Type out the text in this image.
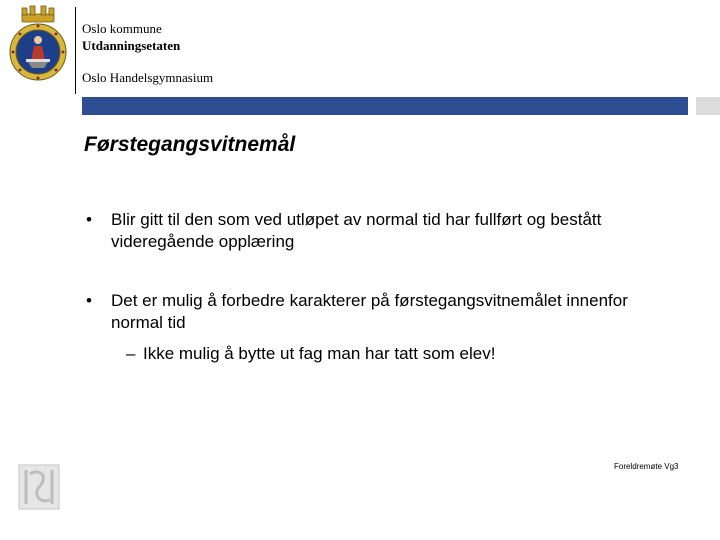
Oslo kommune
Utdanningsetaten
Oslo Handelsgymnasium
Førstegangsvitnemål
• Blir gitt til den som ved utløpet av normal tid har fullført og bestått videregående opplæring
• Det er mulig å forbedre karakterer på førstegangsvitnemålet innenfor normal tid
– Ikke mulig å bytte ut fag man har tatt som elev!
Foreldremøte Vg3
